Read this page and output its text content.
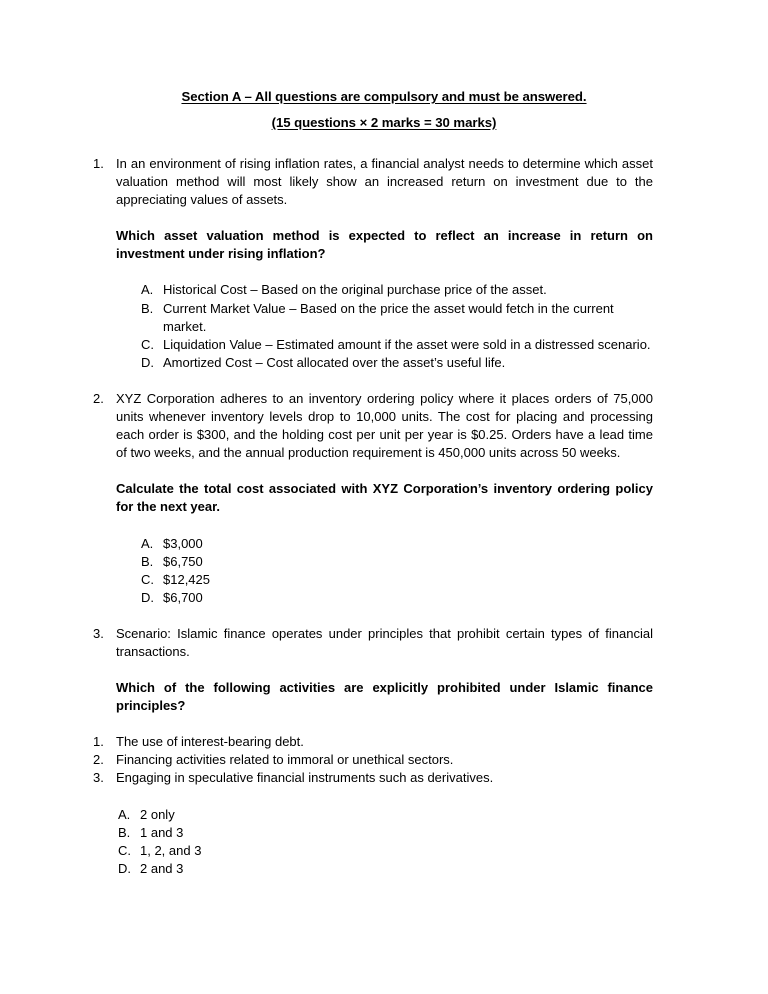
Section A – All questions are compulsory and must be answered.
(15 questions × 2 marks = 30 marks)
1. In an environment of rising inflation rates, a financial analyst needs to determine which asset valuation method will most likely show an increased return on investment due to the appreciating values of assets.
Which asset valuation method is expected to reflect an increase in return on investment under rising inflation?
A. Historical Cost – Based on the original purchase price of the asset.
B. Current Market Value – Based on the price the asset would fetch in the current market.
C. Liquidation Value – Estimated amount if the asset were sold in a distressed scenario.
D. Amortized Cost – Cost allocated over the asset’s useful life.
2. XYZ Corporation adheres to an inventory ordering policy where it places orders of 75,000 units whenever inventory levels drop to 10,000 units. The cost for placing and processing each order is $300, and the holding cost per unit per year is $0.25. Orders have a lead time of two weeks, and the annual production requirement is 450,000 units across 50 weeks.
Calculate the total cost associated with XYZ Corporation’s inventory ordering policy for the next year.
A. $3,000
B. $6,750
C. $12,425
D. $6,700
3. Scenario: Islamic finance operates under principles that prohibit certain types of financial transactions.
Which of the following activities are explicitly prohibited under Islamic finance principles?
1. The use of interest-bearing debt.
2. Financing activities related to immoral or unethical sectors.
3. Engaging in speculative financial instruments such as derivatives.
A. 2 only
B. 1 and 3
C. 1, 2, and 3
D. 2 and 3
